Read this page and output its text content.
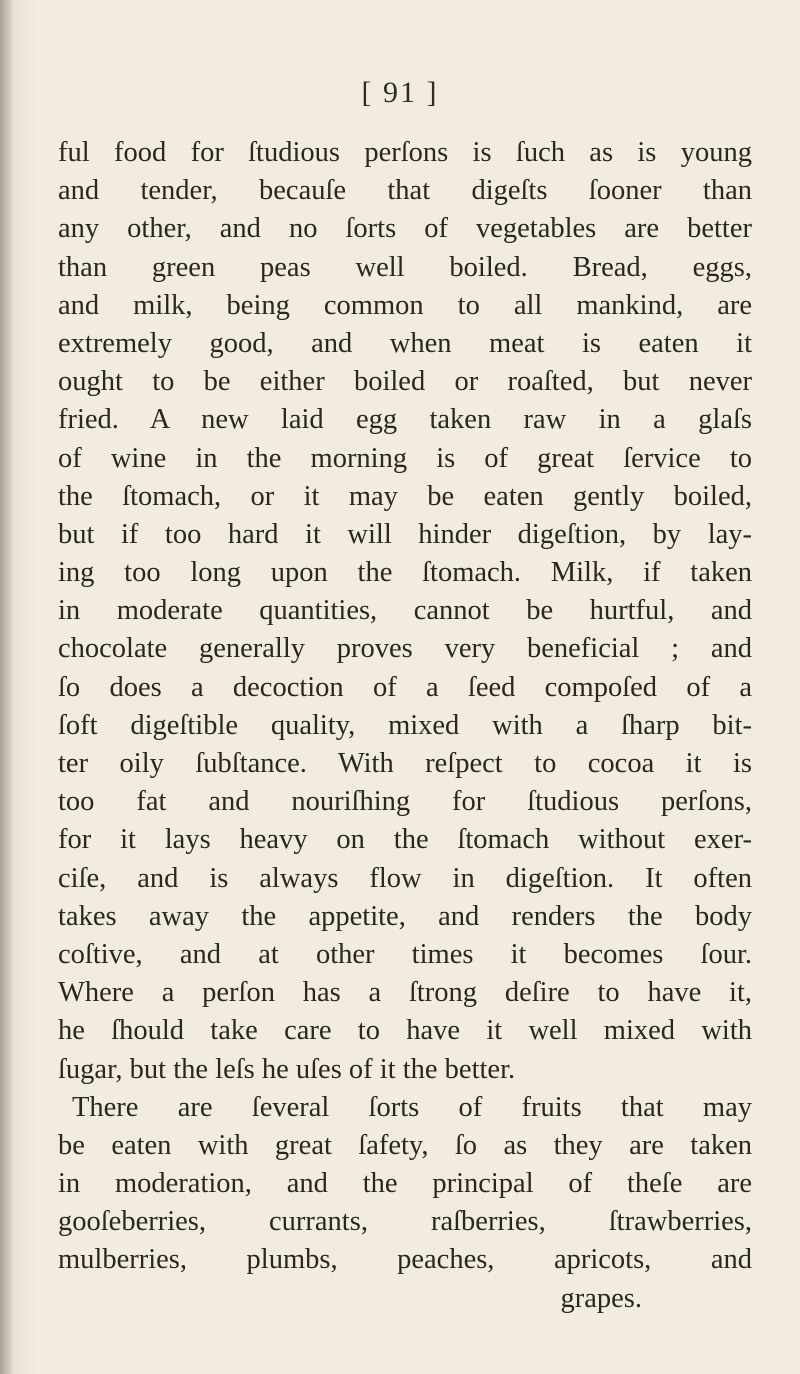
[ 91 ]
ful food for ſtudious perſons is ſuch as is young
and tender, becauſe that digeſts ſooner than
any other, and no ſorts of vegetables are better
than green peas well boiled. Bread, eggs,
and milk, being common to all mankind, are
extremely good, and when meat is eaten it
ought to be either boiled or roaſted, but never
fried. A new laid egg taken raw in a glaſs
of wine in the morning is of great ſervice to
the ſtomach, or it may be eaten gently boiled,
but if too hard it will hinder digeſtion, by lay-
ing too long upon the ſtomach. Milk, if taken
in moderate quantities, cannot be hurtful, and
chocolate generally proves very beneficial ; and
ſo does a decoction of a ſeed compoſed of a
ſoft digeſtible quality, mixed with a ſharp bit-
ter oily ſubſtance. With reſpect to cocoa it is
too fat and nouriſhing for ſtudious perſons,
for it lays heavy on the ſtomach without exer-
ciſe, and is always flow in digeſtion. It often
takes away the appetite, and renders the body
coſtive, and at other times it becomes ſour.
Where a perſon has a ſtrong deſire to have it,
he ſhould take care to have it well mixed with
ſugar, but the leſs he uſes of it the better.
There are ſeveral ſorts of fruits that may
be eaten with great ſafety, ſo as they are taken
in moderation, and the principal of theſe are
gooſeberries, currants, raſberries, ſtrawberries,
mulberries, plumbs, peaches, apricots, and
grapes.
